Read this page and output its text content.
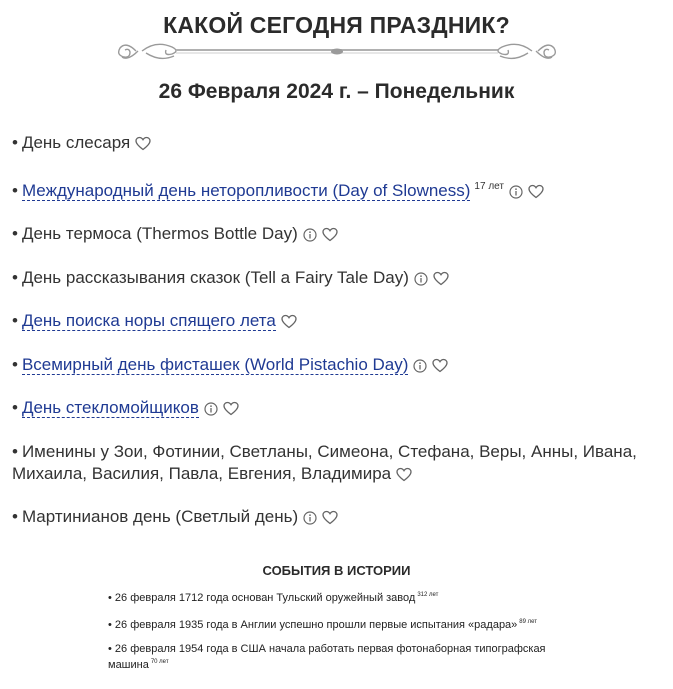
КАКОЙ СЕГОДНЯ ПРАЗДНИК?
26 Февраля 2024 г. – Понедельник
• День слесаря
• Международный день неторопливости (Day of Slowness) $^{17 лет}$
• День термоса (Thermos Bottle Day)
• День рассказывания сказок (Tell a Fairy Tale Day)
• День поиска норы спящего лета
• Всемирный день фисташек (World Pistachio Day)
• День стекломойщиков
• Именины у Зои, Фотинии, Светланы, Симеона, Стефана, Веры, Анны, Ивана, Михаила, Василия, Павла, Евгения, Владимира
• Мартинианов день (Светлый день)
СОБЫТИЯ В ИСТОРИИ
• 26 февраля 1712 года основан Тульский оружейный завод $^{312 лет}$
• 26 февраля 1935 года в Англии успешно прошли первые испытания «радара» $^{89 лет}$
• 26 февраля 1954 года в США начала работать первая фотонаборная типографская машина $^{70 лет}$
